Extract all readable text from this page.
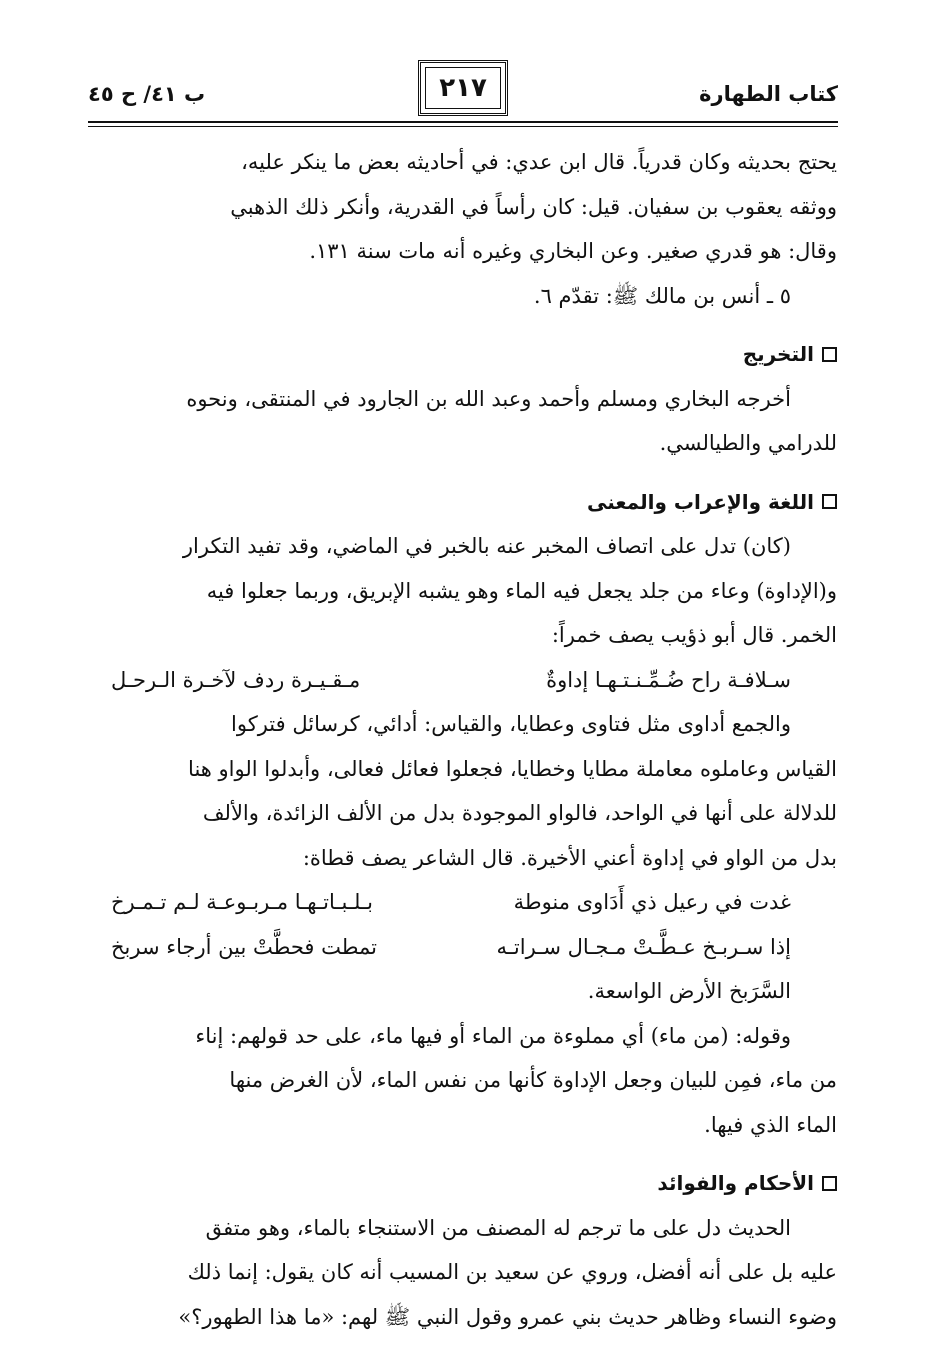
كتاب الطهارة
٢١٧
ب ٤١/ ح ٤٥
يحتج بحديثه وكان قدرياً. قال ابن عدي: في أحاديثه بعض ما ينكر عليه،
ووثقه يعقوب بن سفيان. قيل: كان رأساً في القدرية، وأنكر ذلك الذهبي
وقال: هو قدري صغير. وعن البخاري وغيره أنه مات سنة ١٣١.
٥ ـ أنس بن مالك ﷺ: تقدّم ٦.
التخريج
أخرجه البخاري ومسلم وأحمد وعبد الله بن الجارود في المنتقى، ونحوه
للدرامي والطيالسي.
اللغة والإعراب والمعنى
(كان) تدل على اتصاف المخبر عنه بالخبر في الماضي، وقد تفيد التكرار
و(الإداوة) وعاء من جلد يجعل فيه الماء وهو يشبه الإبريق، وربما جعلوا فيه
الخمر. قال أبو ذؤيب يصف خمراً:
سـلافـة راح ضُـمِّـنـتـهـا إداوةٌ
مـقـيـرة ردف لآخـرة الـرحـل
والجمع أداوى مثل فتاوى وعطايا، والقياس: أدائي، كرسائل فتركوا
القياس وعاملوه معاملة مطايا وخطايا، فجعلوا فعائل فعالى، وأبدلوا الواو هنا
للدلالة على أنها في الواحد، فالواو الموجودة بدل من الألف الزائدة، والألف
بدل من الواو في إداوة أعني الأخيرة. قال الشاعر يصف قطاة:
غدت في رعيل ذي أَدَاوى منوطة
بـلـبـاتـهـا مـربـوعـة لـم تـمـرخ
إذا سـربـخ عـطَّـتْ مـجـال سـراتـه
تمطت فحطَّتْ بين أرجاء سربخ
السَّرَبخ الأرض الواسعة.
وقوله: (من ماء) أي مملوءة من الماء أو فيها ماء، على حد قولهم: إناء
من ماء، فمِن للبيان وجعل الإداوة كأنها من نفس الماء، لأن الغرض منها
الماء الذي فيها.
الأحكام والفوائد
الحديث دل على ما ترجم له المصنف من الاستنجاء بالماء، وهو متفق
عليه بل على أنه أفضل، وروي عن سعيد بن المسيب أنه كان يقول: إنما ذلك
وضوء النساء وظاهر حديث بني عمرو وقول النبي ﷺ لهم: «ما هذا الطهور؟»
